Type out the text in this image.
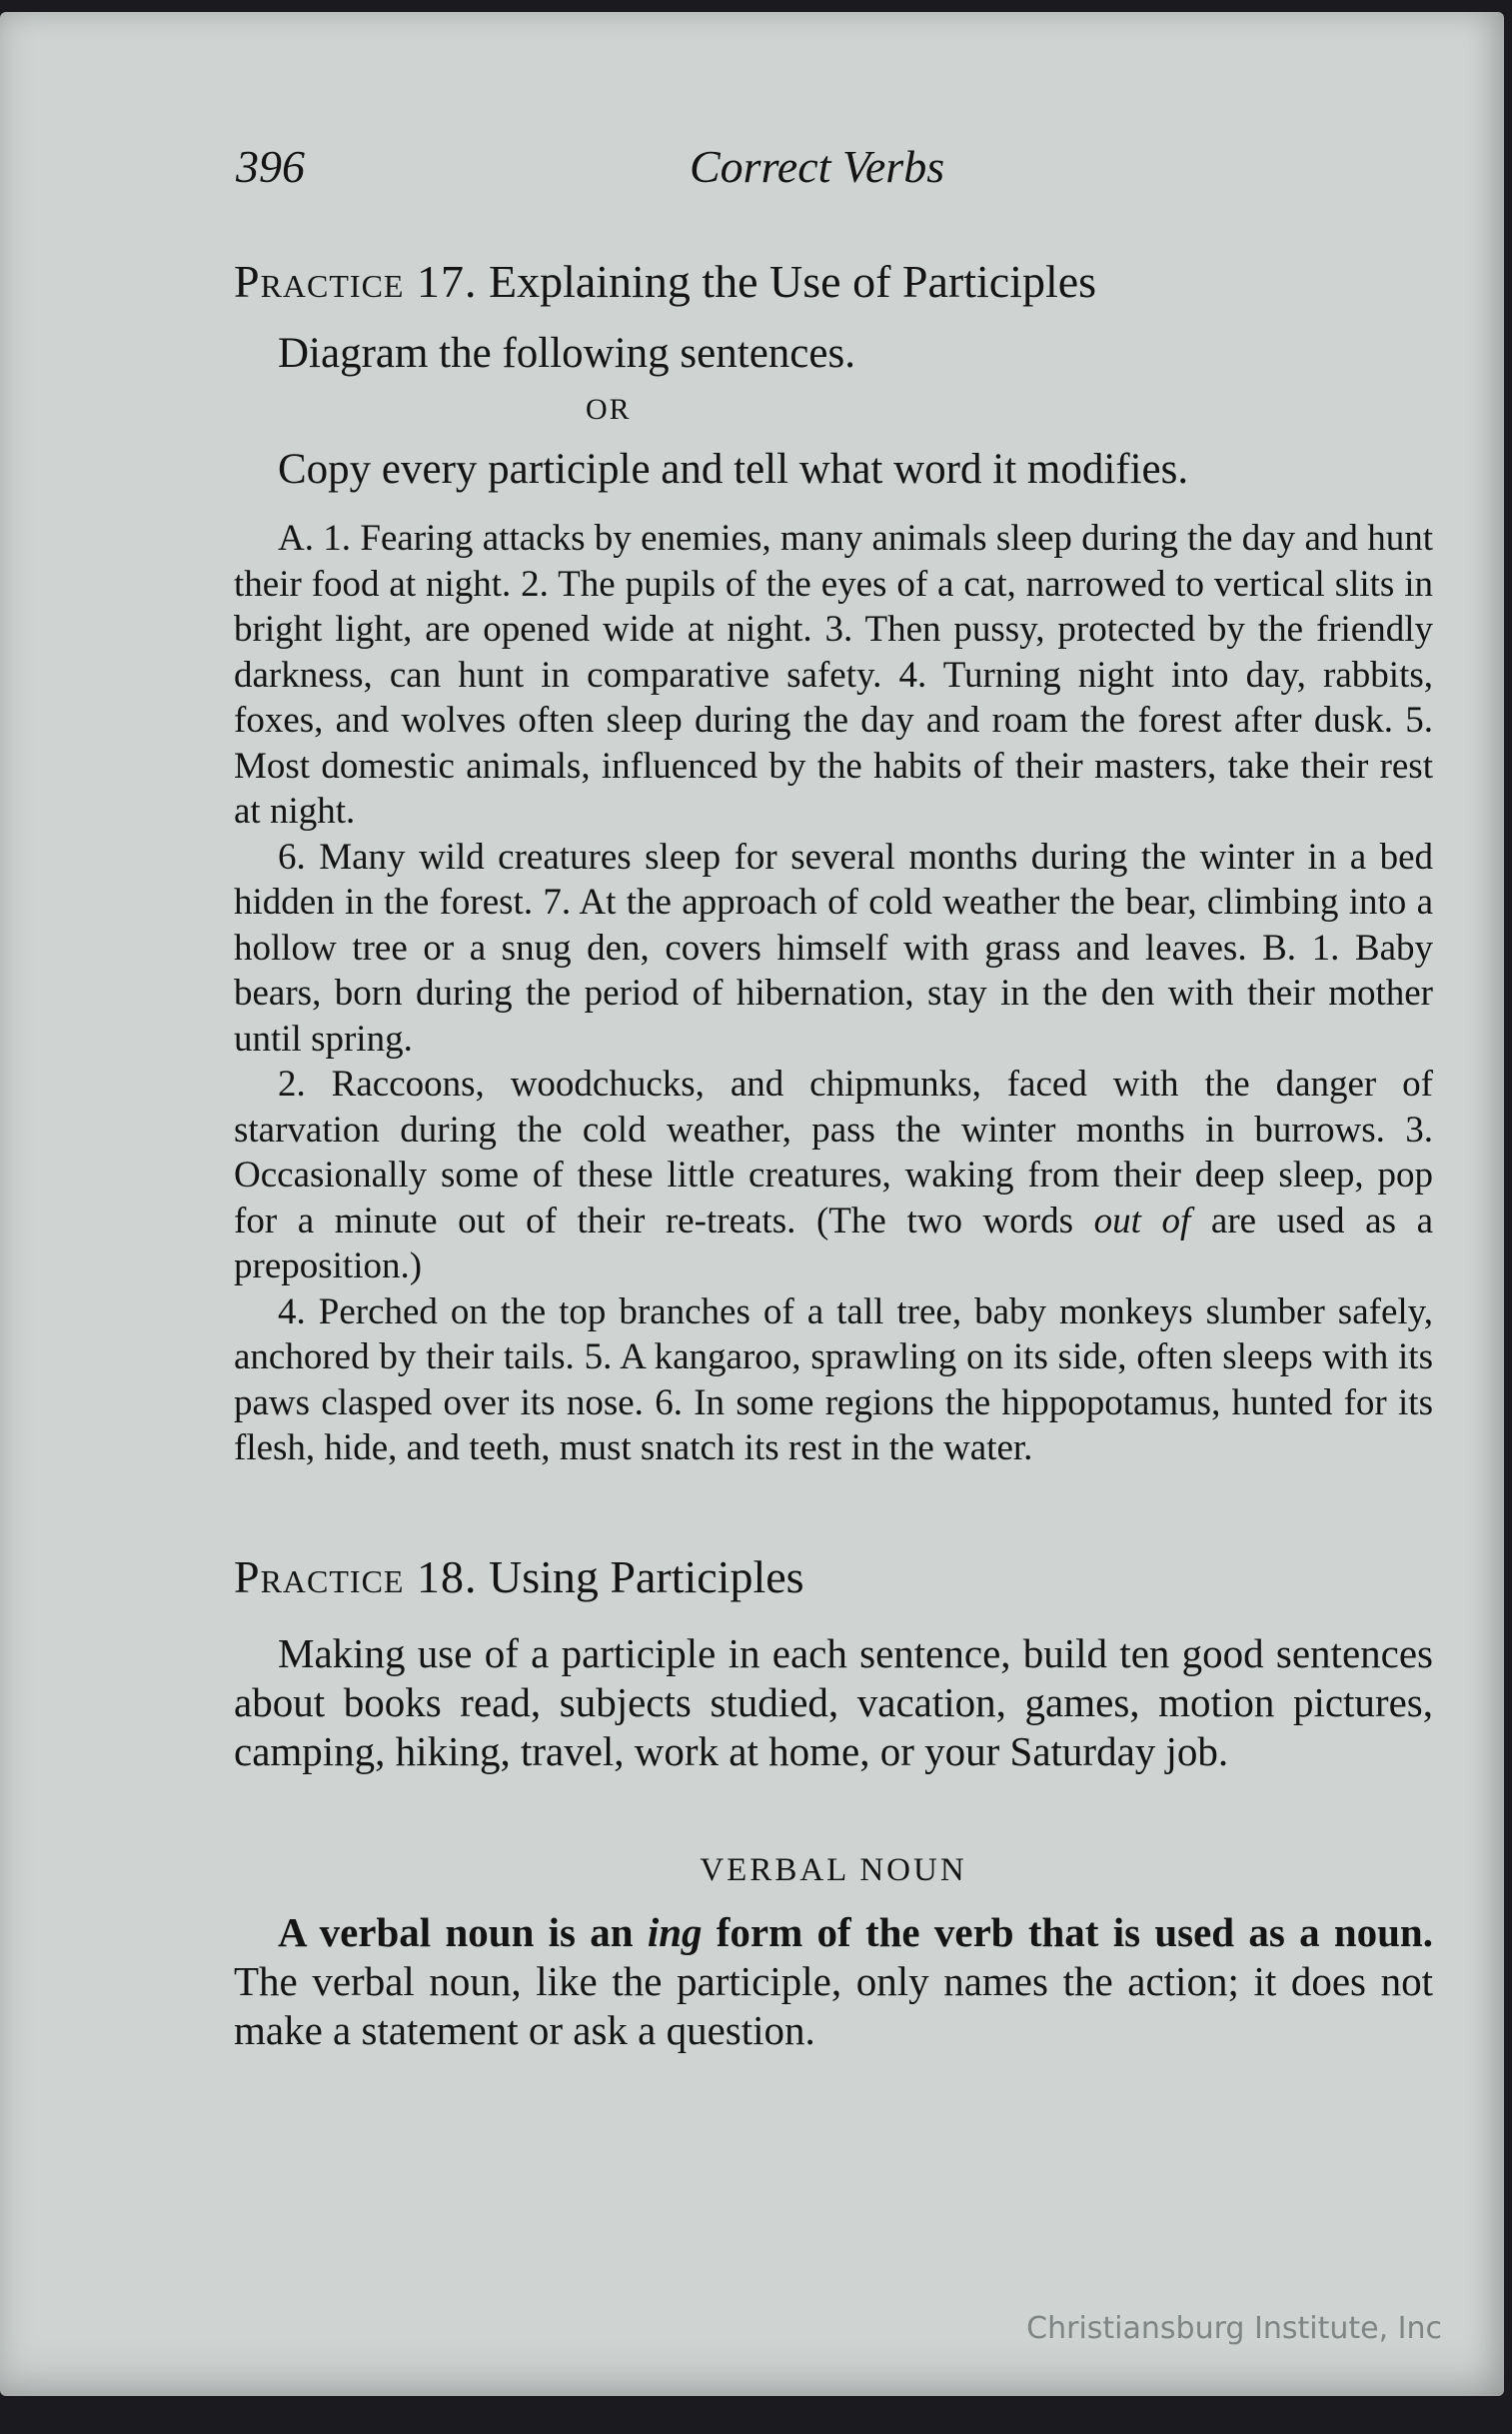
396	Correct Verbs
Practice 17. Explaining the Use of Participles

Diagram the following sentences.

OR

Copy every participle and tell what word it modifies.

A. 1. Fearing attacks by enemies, many animals sleep during the day and hunt their food at night. 2. The pupils of the eyes of a cat, narrowed to vertical slits in bright light, are opened wide at night. 3. Then pussy, protected by the friendly darkness, can hunt in comparative safety. 4. Turning night into day, rabbits, foxes, and wolves often sleep during the day and roam the forest after dusk. 5. Most domestic animals, influenced by the habits of their masters, take their rest at night.

6. Many wild creatures sleep for several months during the winter in a bed hidden in the forest. 7. At the approach of cold weather the bear, climbing into a hollow tree or a snug den, covers himself with grass and leaves. B. 1. Baby bears, born during the period of hibernation, stay in the den with their mother until spring.

2. Raccoons, woodchucks, and chipmunks, faced with the danger of starvation during the cold weather, pass the winter months in burrows. 3. Occasionally some of these little creatures, waking from their deep sleep, pop for a minute out of their re-treats. (The two words out of are used as a preposition.)

4. Perched on the top branches of a tall tree, baby monkeys slumber safely, anchored by their tails. 5. A kangaroo, sprawling on its side, often sleeps with its paws clasped over its nose. 6. In some regions the hippopotamus, hunted for its flesh, hide, and teeth, must snatch its rest in the water.

Practice 18. Using Participles

Making use of a participle in each sentence, build ten good sentences about books read, subjects studied, vacation, games, motion pictures, camping, hiking, travel, work at home, or your Saturday job.

VERBAL NOUN

A verbal noun is an ing form of the verb that is used as a noun. The verbal noun, like the participle, only names the action; it does not make a statement or ask a question.

Christiansburg Institute, Inc
